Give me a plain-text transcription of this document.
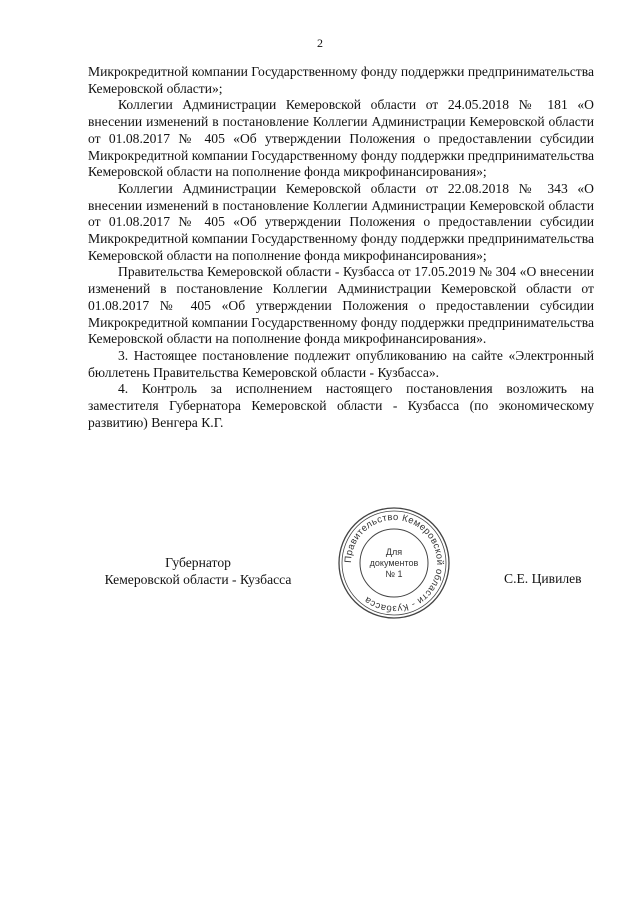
2

Микрокредитной компании Государственному фонду поддержки предпринимательства Кемеровской области»;

Коллегии Администрации Кемеровской области от 24.05.2018 № 181 «О внесении изменений в постановление Коллегии Администрации Кемеровской области от 01.08.2017 № 405 «Об утверждении Положения о предоставлении субсидии Микрокредитной компании Государственному фонду поддержки предпринимательства Кемеровской области на пополнение фонда микрофинансирования»;

Коллегии Администрации Кемеровской области от 22.08.2018 № 343 «О внесении изменений в постановление Коллегии Администрации Кемеровской области от 01.08.2017 № 405 «Об утверждении Положения о предоставлении субсидии Микрокредитной компании Государственному фонду поддержки предпринимательства Кемеровской области на пополнение фонда микрофинансирования»;

Правительства Кемеровской области - Кузбасса от 17.05.2019 № 304 «О внесении изменений в постановление Коллегии Администрации Кемеровской области от 01.08.2017 № 405 «Об утверждении Положения о предоставлении субсидии Микрокредитной компании Государственному фонду поддержки предпринимательства Кемеровской области на пополнение фонда микрофинансирования».

3. Настоящее постановление подлежит опубликованию на сайте «Электронный бюллетень Правительства Кемеровской области - Кузбасса».

4. Контроль за исполнением настоящего постановления возложить на заместителя Губернатора Кемеровской области - Кузбасса (по экономическому развитию) Венгера К.Г.

Губернатор
Кемеровской области - Кузбасса	С.Е. Цивилев
Правительство Кемеровской области - Кузбасса
Для
документов
№ 1
